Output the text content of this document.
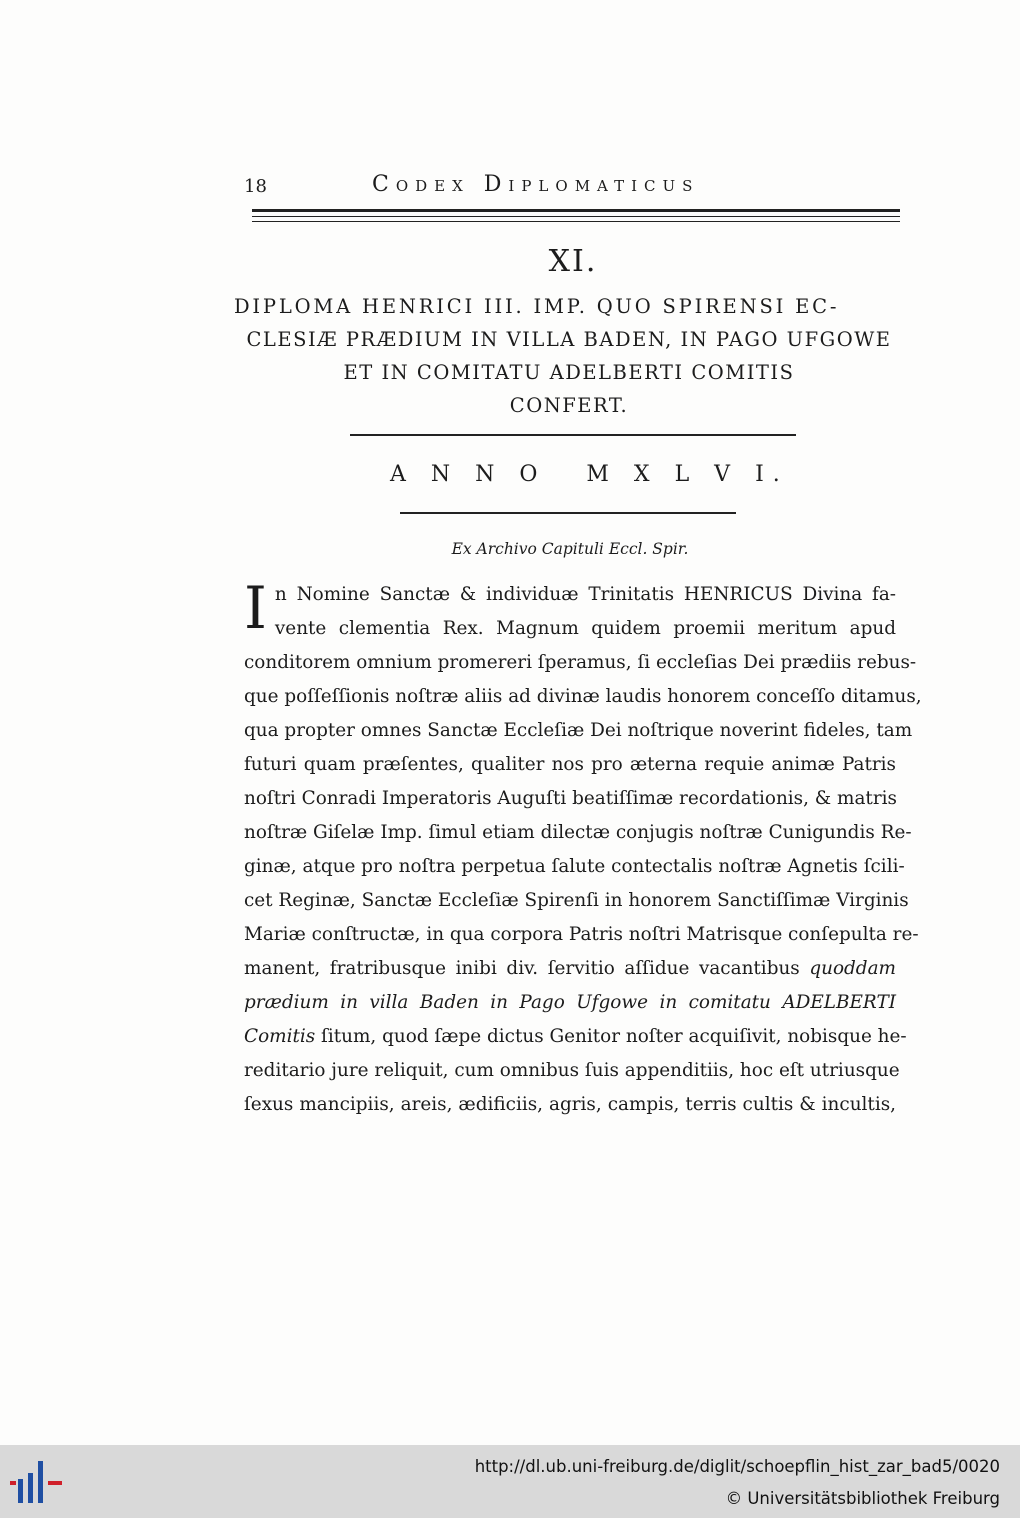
18	Codex Diplomaticus
XI.
DIPLOMA HENRICI III. IMP. QUO SPIRENSI EC-
CLESIÆ PRÆDIUM IN VILLA BADEN, IN PAGO UFGOWE
ET IN COMITATU ADELBERTI COMITIS
CONFERT.
A N N O M X L V I.
Ex Archivo Capituli Eccl. Spir.
I n Nomine Sanctæ & individuæ Trinitatis HENRICUS Divina fa-
vente clementia Rex. Magnum quidem proemii meritum apud
conditorem omnium promereri ſperamus, ſi eccleſias Dei prædiis rebus-
que poſſeſſionis noſtræ aliis ad divinæ laudis honorem conceſſo ditamus,
qua propter omnes Sanctæ Eccleſiæ Dei noſtrique noverint fideles, tam
futuri quam præſentes, qualiter nos pro æterna requie animæ Patris
noſtri Conradi Imperatoris Auguſti beatiſſimæ recordationis, & matris
noſtræ Giſelæ Imp. ſimul etiam dilectæ conjugis noſtræ Cunigundis Re-
ginæ, atque pro noſtra perpetua ſalute contectalis noſtræ Agnetis ſcili-
cet Reginæ, Sanctæ Eccleſiæ Spirenſi in honorem Sanctiſſimæ Virginis
Mariæ conſtructæ, in qua corpora Patris noſtri Matrisque conſepulta re-
manent, fratribusque inibi div. ſervitio aſſidue vacantibus quoddam
prædium in villa Baden in Pago Ufgowe in comitatu ADELBERTI
Comitis ſitum, quod ſæpe dictus Genitor noſter acquiſivit, nobisque he-
reditario jure reliquit, cum omnibus ſuis appenditiis, hoc eſt utriusque
ſexus mancipiis, areis, ædificiis, agris, campis, terris cultis & incultis,
http://dl.ub.uni-freiburg.de/diglit/schoepflin_hist_zar_bad5/0020
© Universitätsbibliothek Freiburg
